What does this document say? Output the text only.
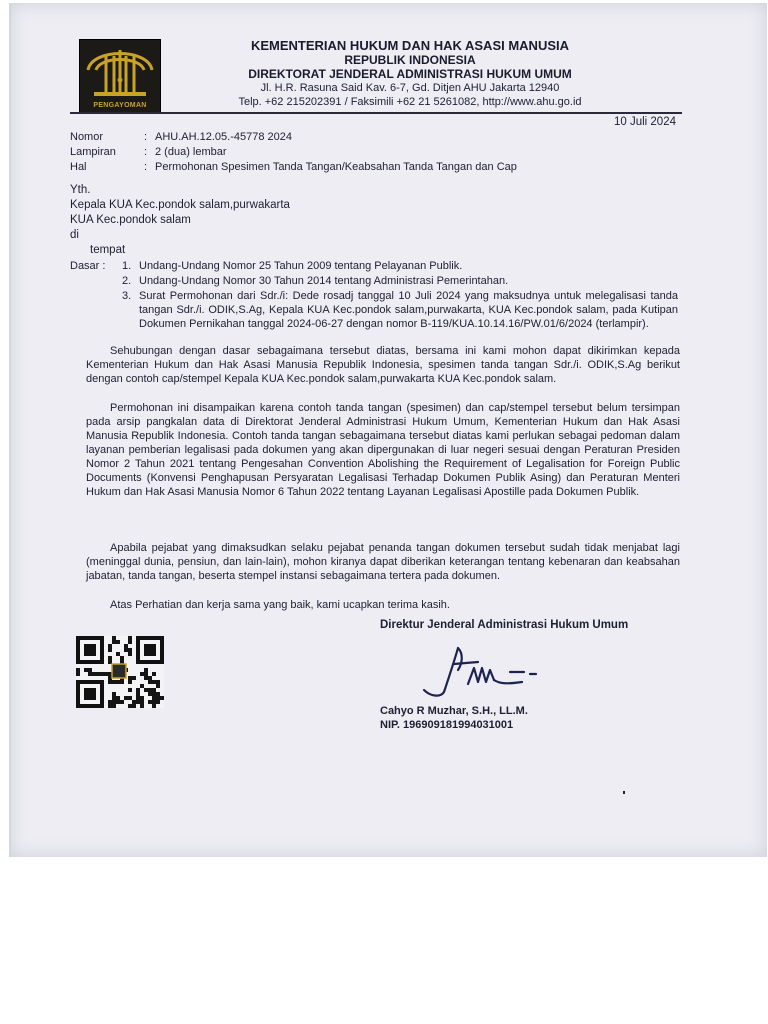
PENGAYOMAN
KEMENTERIAN HUKUM DAN HAK ASASI MANUSIA
REPUBLIK INDONESIA
DIREKTORAT JENDERAL ADMINISTRASI HUKUM UMUM
Jl. H.R. Rasuna Said Kav. 6-7, Gd. Ditjen AHU Jakarta 12940
Telp. +62 215202391 / Faksimili +62 21 5261082, http://www.ahu.go.id
10 Juli 2024
Nomor	: AHU.AH.12.05.-45778 2024
Lampiran	: 2 (dua) lembar
Hal	: Permohonan Spesimen Tanda Tangan/Keabsahan Tanda Tangan dan Cap
Yth.
Kepala KUA Kec.pondok salam,purwakarta
KUA Kec.pondok salam
di
tempat
Dasar : 1. Undang-Undang Nomor 25 Tahun 2009 tentang Pelayanan Publik.
2. Undang-Undang Nomor 30 Tahun 2014 tentang Administrasi Pemerintahan.
3. Surat Permohonan dari Sdr./i: Dede rosadj tanggal 10 Juli 2024 yang maksudnya untuk melegalisasi tanda tangan Sdr./i. ODIK,S.Ag, Kepala KUA Kec.pondok salam,purwakarta, KUA Kec.pondok salam, pada Kutipan Dokumen Pernikahan tanggal 2024-06-27 dengan nomor B-119/KUA.10.14.16/PW.01/6/2024 (terlampir).
Sehubungan dengan dasar sebagaimana tersebut diatas, bersama ini kami mohon dapat dikirimkan kepada Kementerian Hukum dan Hak Asasi Manusia Republik Indonesia, spesimen tanda tangan Sdr./i. ODIK,S.Ag berikut dengan contoh cap/stempel Kepala KUA Kec.pondok salam,purwakarta KUA Kec.pondok salam.
Permohonan ini disampaikan karena contoh tanda tangan (spesimen) dan cap/stempel tersebut belum tersimpan pada arsip pangkalan data di Direktorat Jenderal Administrasi Hukum Umum, Kementerian Hukum dan Hak Asasi Manusia Republik Indonesia. Contoh tanda tangan sebagaimana tersebut diatas kami perlukan sebagai pedoman dalam layanan pemberian legalisasi pada dokumen yang akan dipergunakan di luar negeri sesuai dengan Peraturan Presiden Nomor 2 Tahun 2021 tentang Pengesahan Convention Abolishing the Requirement of Legalisation for Foreign Public Documents (Konvensi Penghapusan Persyaratan Legalisasi Terhadap Dokumen Publik Asing) dan Peraturan Menteri Hukum dan Hak Asasi Manusia Nomor 6 Tahun 2022 tentang Layanan Legalisasi Apostille pada Dokumen Publik.
Apabila pejabat yang dimaksudkan selaku pejabat penanda tangan dokumen tersebut sudah tidak menjabat lagi (meninggal dunia, pensiun, dan lain-lain), mohon kiranya dapat diberikan keterangan tentang kebenaran dan keabsahan jabatan, tanda tangan, beserta stempel instansi sebagaimana tertera pada dokumen.
Atas Perhatian dan kerja sama yang baik, kami ucapkan terima kasih.
Direktur Jenderal Administrasi Hukum Umum
Cahyo R Muzhar, S.H., LL.M.
NIP. 196909181994031001
